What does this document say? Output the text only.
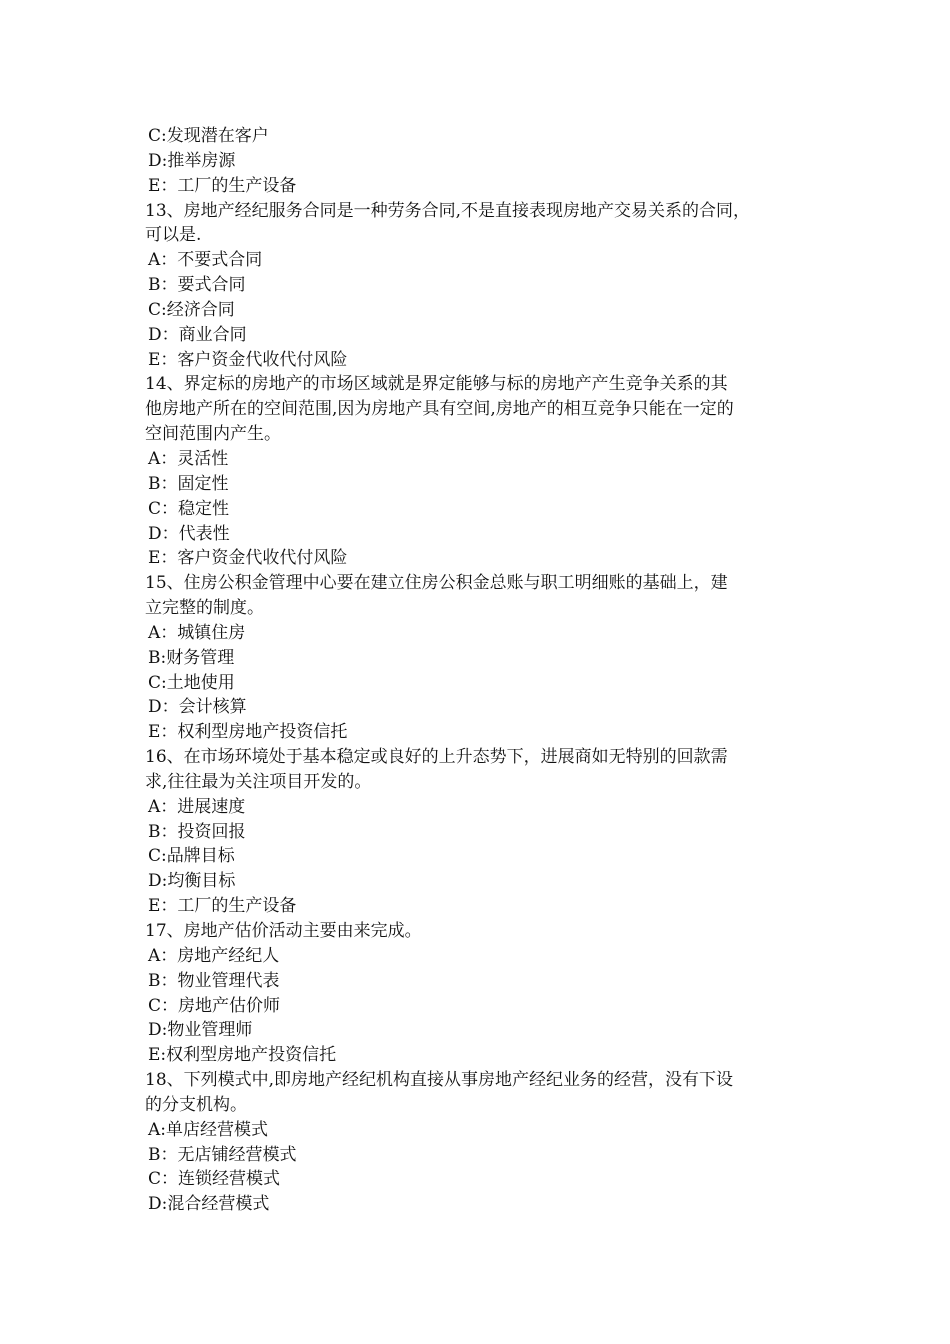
C:发现潜在客户
D:推举房源
E：工厂的生产设备
13、房地产经纪服务合同是一种劳务合同,不是直接表现房地产交易关系的合同，
可以是.
A：不要式合同
B：要式合同
C:经济合同
D：商业合同
E：客户资金代收代付风险
14、界定标的房地产的市场区域就是界定能够与标的房地产产生竞争关系的其
他房地产所在的空间范围,因为房地产具有空间,房地产的相互竞争只能在一定的
空间范围内产生。
A：灵活性
B：固定性
C：稳定性
D：代表性
E：客户资金代收代付风险
15、住房公积金管理中心要在建立住房公积金总账与职工明细账的基础上，建
立完整的制度。
A：城镇住房
B:财务管理
C:土地使用
D：会计核算
E：权利型房地产投资信托
16、在市场环境处于基本稳定或良好的上升态势下，进展商如无特别的回款需
求,往往最为关注项目开发的。
A：进展速度
B：投资回报
C:品牌目标
D:均衡目标
E：工厂的生产设备
17、房地产估价活动主要由来完成。
A：房地产经纪人
B：物业管理代表
C：房地产估价师
D:物业管理师
E:权利型房地产投资信托
18、下列模式中,即房地产经纪机构直接从事房地产经纪业务的经营，没有下设
的分支机构。
A:单店经营模式
B：无店铺经营模式
C：连锁经营模式
D:混合经营模式
